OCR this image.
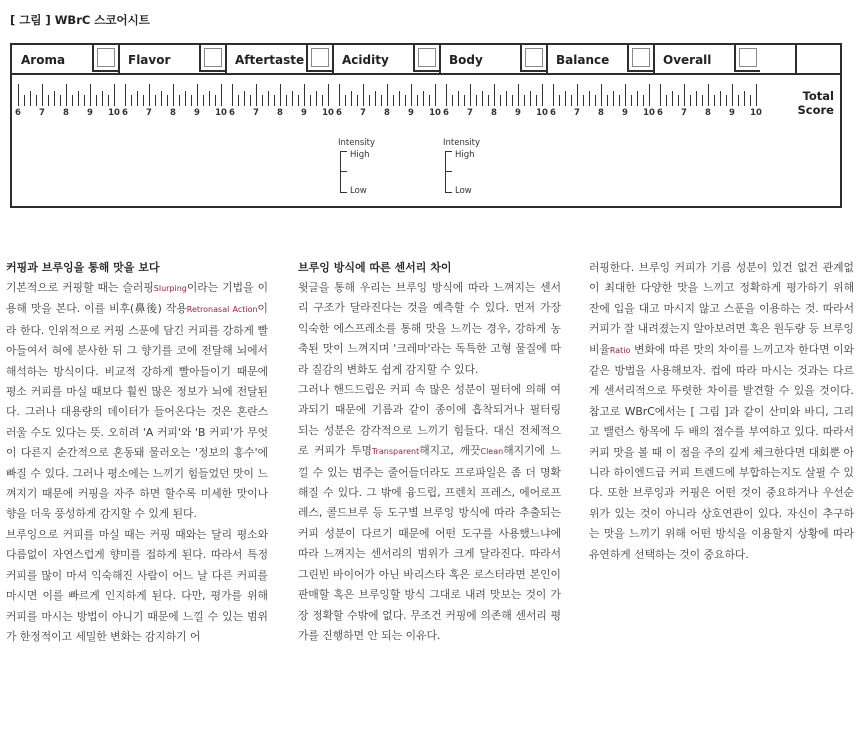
[ 그림 ] WBrC 스코어시트
Total
Score
Intensity
High
Low
Intensity
High
Low
Aroma
6 7 8 9 10
Flavor
6 7 8 9 10
Aftertaste
6 7 8 9 10
Acidity
6 7 8 9 10
Body
6 7 8 9 10
Balance
6 7 8 9 10
Overall
6 7 8 9 10
커핑과 브루잉을 통해 맛을 보다

기본적으로 커핑할 때는 슬러핑Slurping이라는 기법을 이용해 맛을 본다. 이를 비후(鼻後) 작용Retronasal Action이라 한다. 인위적으로 커핑 스푼에 담긴 커피를 강하게 빨아들여서 혀에 분사한 뒤 그 향기를 코에 전달해 뇌에서 해석하는 방식이다. 비교적 강하게 빨아들이기 때문에 평소 커피를 마실 때보다 훨씬 많은 정보가 뇌에 전달된다. 그러나 대용량의 데이터가 들어온다는 것은 혼란스러울 수도 있다는 뜻. 오히려 'A 커피'와 'B 커피'가 무엇이 다른지 순간적으로 혼동돼 물러오는 '정보의 홍수'에 빠질 수 있다. 그러나 평소에는 느끼기 힘들었던 맛이 느껴지기 때문에 커핑을 자주 하면 할수록 미세한 맛이나 향을 더욱 풍성하게 감지할 수 있게 된다.

브루잉으로 커피를 마실 때는 커핑 때와는 달리 평소와 다름없이 자연스럽게 향미를 접하게 된다. 따라서 특정 커피를 많이 마셔 익숙해진 사람이 어느 날 다른 커피를 마시면 이를 빠르게 인지하게 된다. 다만, 평가를 위해 커피를 마시는 방법이 아니기 때문에 느낄 수 있는 범위가 한정적이고 세밀한 변화는 감지하기 어

브루잉 방식에 따른 센서리 차이

윗글을 통해 우리는 브루잉 방식에 따라 느껴지는 센서리 구조가 달라진다는 것을 예측할 수 있다. 먼저 가장 익숙한 에스프레소를 통해 맛을 느끼는 경우, 강하게 농축된 맛이 느껴지며 '크레마'라는 독특한 고형 물질에 따라 질감의 변화도 쉽게 감지할 수 있다.

그러나 핸드드립은 커피 속 많은 성분이 필터에 의해 여과되기 때문에 기름과 같이 종이에 흡착되거나 필터링 되는 성분은 감각적으로 느끼기 힘들다. 대신 전체적으로 커피가 투명Transparent해지고, 깨끗Clean해지기에 느낄 수 있는 범주는 줄어들더라도 프로파일은 좀 더 명확해질 수 있다. 그 밖에 융드립, 프렌치 프레스, 에어로프레스, 콜드브루 등 도구별 브루잉 방식에 따라 추출되는 커피 성분이 다르기 때문에 어떤 도구를 사용했느냐에 따라 느껴지는 센서리의 범위가 크게 달라진다. 따라서 그린빈 바이어가 아닌 바리스타 혹은 로스터라면 본인이 판매할 혹은 브루잉할 방식 그대로 내려 맛보는 것이 가장 정확할 수밖에 없다. 무조건 커핑에 의존해 센서리 평가를 진행하면 안 되는 이유다.

러핑한다. 브루잉 커피가 기름 성분이 있건 없건 관계없이 최대한 다양한 맛을 느끼고 정확하게 평가하기 위해 잔에 입을 대고 마시지 않고 스푼을 이용하는 것. 따라서 커피가 잘 내려졌는지 알아보려면 혹은 원두량 등 브루잉 비율Ratio 변화에 따른 맛의 차이를 느끼고자 한다면 이와 같은 방법을 사용해보자. 컵에 따라 마시는 것과는 다르게 센서리적으로 뚜렷한 차이를 발견할 수 있을 것이다. 참고로 WBrC에서는 [ 그림 ]과 같이 산미와 바디, 그리고 밸런스 항목에 두 배의 점수를 부여하고 있다. 따라서 커피 맛을 볼 때 이 점을 주의 깊게 체크한다면 대회뿐 아니라 하이엔드급 커피 트렌드에 부합하는지도 살필 수 있다. 또한 브루잉과 커핑은 어떤 것이 중요하거나 우선순위가 있는 것이 아니라 상호연관이 있다. 자신이 추구하는 맛을 느끼기 위해 어떤 방식을 이용할지 상황에 따라 유연하게 선택하는 것이 중요하다.
